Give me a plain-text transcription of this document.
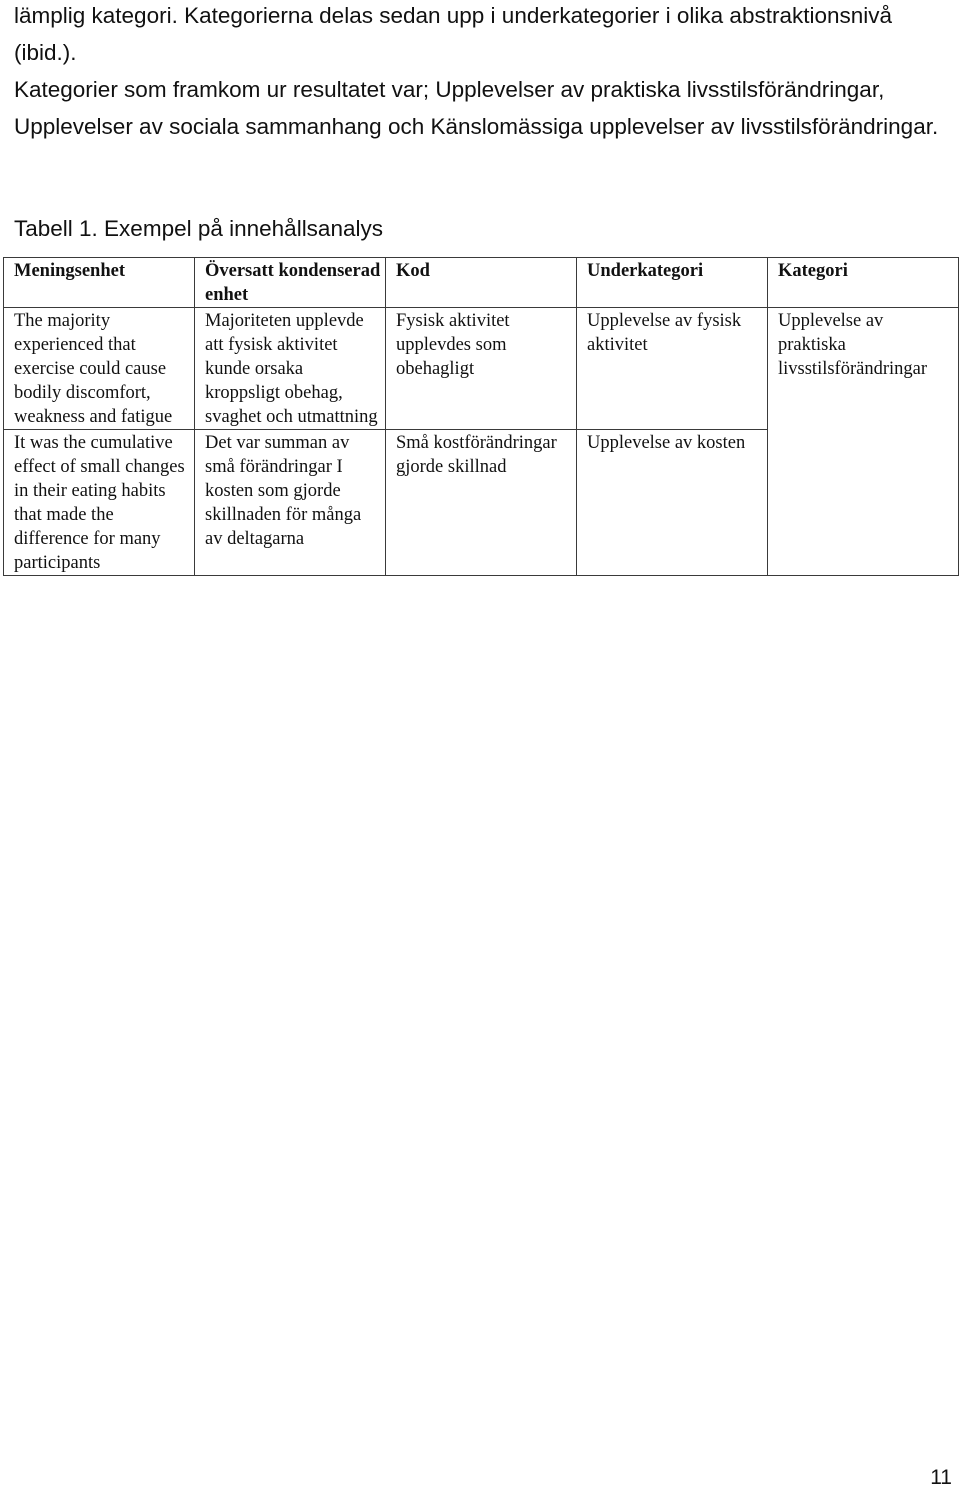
lämplig kategori. Kategorierna delas sedan upp i underkategorier i olika abstraktionsnivå
(ibid.).
Kategorier som framkom ur resultatet var; Upplevelser av praktiska livsstilsförändringar,
Upplevelser av sociala sammanhang och Känslomässiga upplevelser av livsstilsförändringar.

Tabell 1. Exempel på innehållsanalys

Meningsenhet	Översatt kondenserad enhet	Kod	Underkategori	Kategori
The majority experienced that exercise could cause bodily discomfort, weakness and fatigue	Majoriteten upplevde att fysisk aktivitet kunde orsaka kroppsligt obehag, svaghet och utmattning	Fysisk aktivitet upplevdes som obehagligt	Upplevelse av fysisk aktivitet	Upplevelse av praktiska livsstilsförändringar
It was the cumulative effect of small changes in their eating habits that made the difference for many participants	Det var summan av små förändringar I kosten som gjorde skillnaden för många av deltagarna	Små kostförändringar gjorde skillnad	Upplevelse av kosten	

11
